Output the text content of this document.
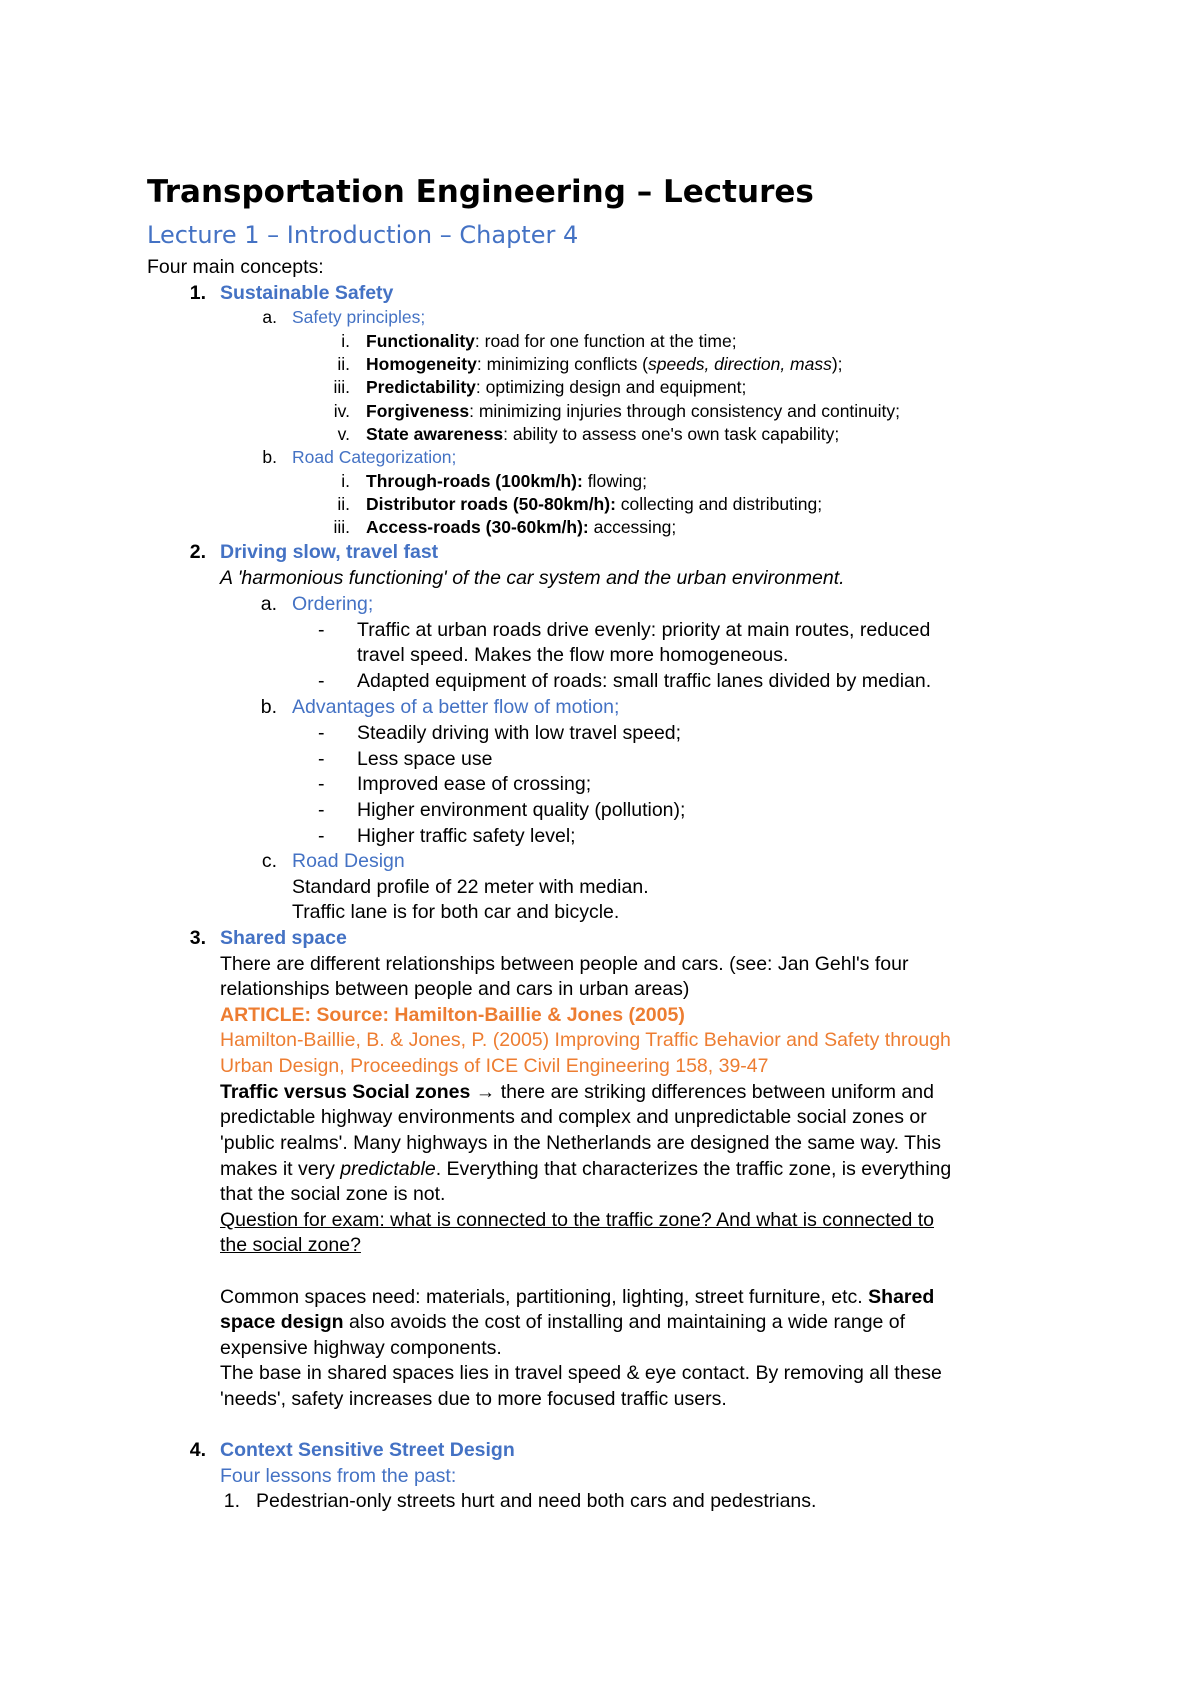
Transportation Engineering – Lectures
Lecture 1 – Introduction – Chapter 4
Four main concepts:
1. Sustainable Safety
a. Safety principles;
i. Functionality: road for one function at the time;
ii. Homogeneity: minimizing conflicts (speeds, direction, mass);
iii. Predictability: optimizing design and equipment;
iv. Forgiveness: minimizing injuries through consistency and continuity;
v. State awareness: ability to assess one's own task capability;
b. Road Categorization;
i. Through-roads (100km/h): flowing;
ii. Distributor roads (50-80km/h): collecting and distributing;
iii. Access-roads (30-60km/h): accessing;
2. Driving slow, travel fast
A 'harmonious functioning' of the car system and the urban environment.
a. Ordering;
- Traffic at urban roads drive evenly: priority at main routes, reduced
travel speed. Makes the flow more homogeneous.
- Adapted equipment of roads: small traffic lanes divided by median.
b. Advantages of a better flow of motion;
- Steadily driving with low travel speed;
- Less space use
- Improved ease of crossing;
- Higher environment quality (pollution);
- Higher traffic safety level;
c. Road Design
Standard profile of 22 meter with median.
Traffic lane is for both car and bicycle.
3. Shared space
There are different relationships between people and cars. (see: Jan Gehl's four
relationships between people and cars in urban areas)
ARTICLE: Source: Hamilton-Baillie & Jones (2005)
Hamilton-Baillie, B. & Jones, P. (2005) Improving Traffic Behavior and Safety through
Urban Design, Proceedings of ICE Civil Engineering 158, 39-47
Traffic versus Social zones → there are striking differences between uniform and
predictable highway environments and complex and unpredictable social zones or
'public realms'. Many highways in the Netherlands are designed the same way. This
makes it very predictable. Everything that characterizes the traffic zone, is everything
that the social zone is not.
Question for exam: what is connected to the traffic zone? And what is connected to
the social zone?
Common spaces need: materials, partitioning, lighting, street furniture, etc. Shared
space design also avoids the cost of installing and maintaining a wide range of
expensive highway components.
The base in shared spaces lies in travel speed & eye contact. By removing all these
'needs', safety increases due to more focused traffic users.
4. Context Sensitive Street Design
Four lessons from the past:
1. Pedestrian-only streets hurt and need both cars and pedestrians.
